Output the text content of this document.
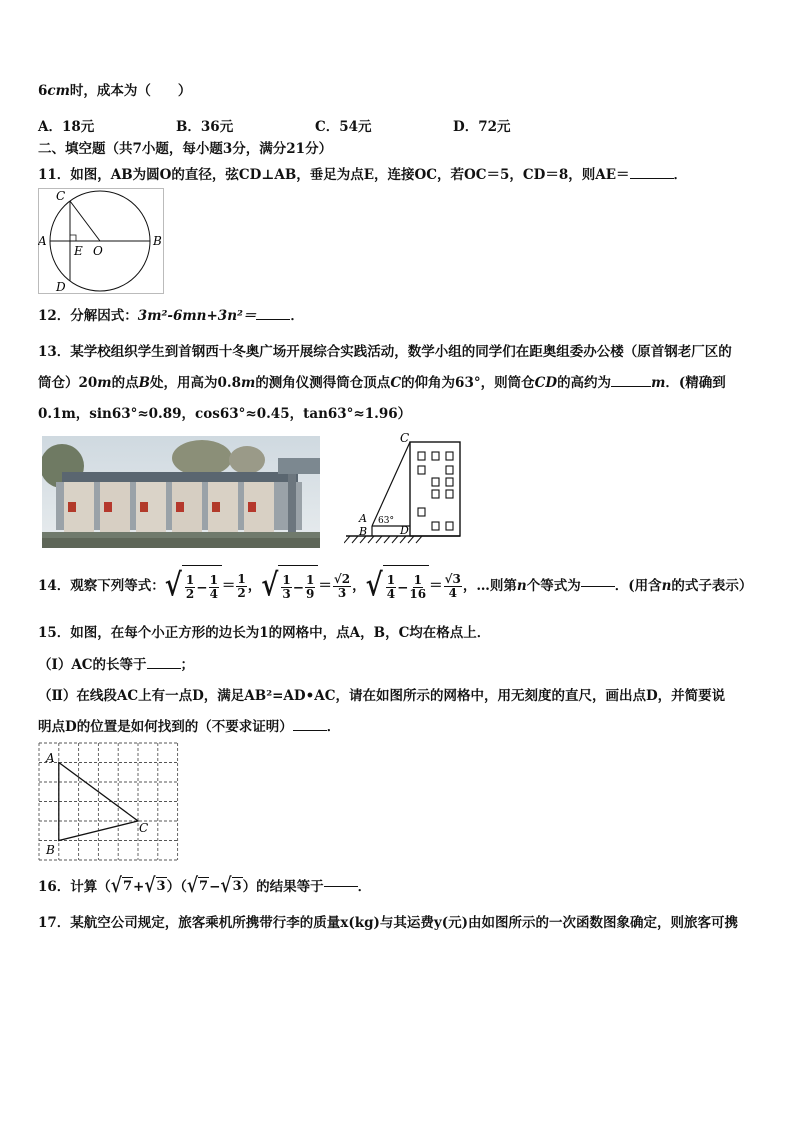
6cm时，成本为（　　）
A．18元	B．36元	C．54元	D．72元
二、填空题（共7小题，每小题3分，满分21分）
11．如图，AB为圆O的直径，弦CD⊥AB，垂足为点E，连接OC，若OC＝5，CD＝8，则AE＝	．
C
A
E O
B
D
12．分解因式：3m²-6mn+3n²＝	．
13．某学校组织学生到首钢西十冬奥广场开展综合实践活动，数学小组的同学们在距奥组委办公楼（原首钢老厂区的
筒仓）20m的点B处，用高为0.8m的测角仪测得筒仓顶点C的仰角为63°，则筒仓CD的高约为	m．(精确到
0.1m，sin63°≈0.89，cos63°≈0.45，tan63°≈1.96）
C
A
B	D
63°
14．观察下列等式： √ $\frac{1}{2} - \frac{1}{4} = \frac{1}{2}$ ， √ $\frac{1}{3} - \frac{1}{9} = \frac{√2}{3}$ ， √ $\frac{1}{4} - \frac{1}{16} = \frac{√3}{4}$ ，…则第 n 个等式为	．(用含 n 的式子表示）
15．如图，在每个小正方形的边长为1的网格中，点A，B，C均在格点上．
（Ⅰ）AC的长等于	；
（Ⅱ）在线段AC上有一点D，满足AB²=AD•AC，请在如图所示的网格中，用无刻度的直尺，画出点D，并简要说
明点D的位置是如何找到的（不要求证明）	．
A
B
C
16．计算（ √ 7 + √ 3 ）（ √ 7 − √ 3 ）的结果等于	．
17．某航空公司规定，旅客乘机所携带行李的质量x(kg)与其运费y(元)由如图所示的一次函数图象确定，则旅客可携
